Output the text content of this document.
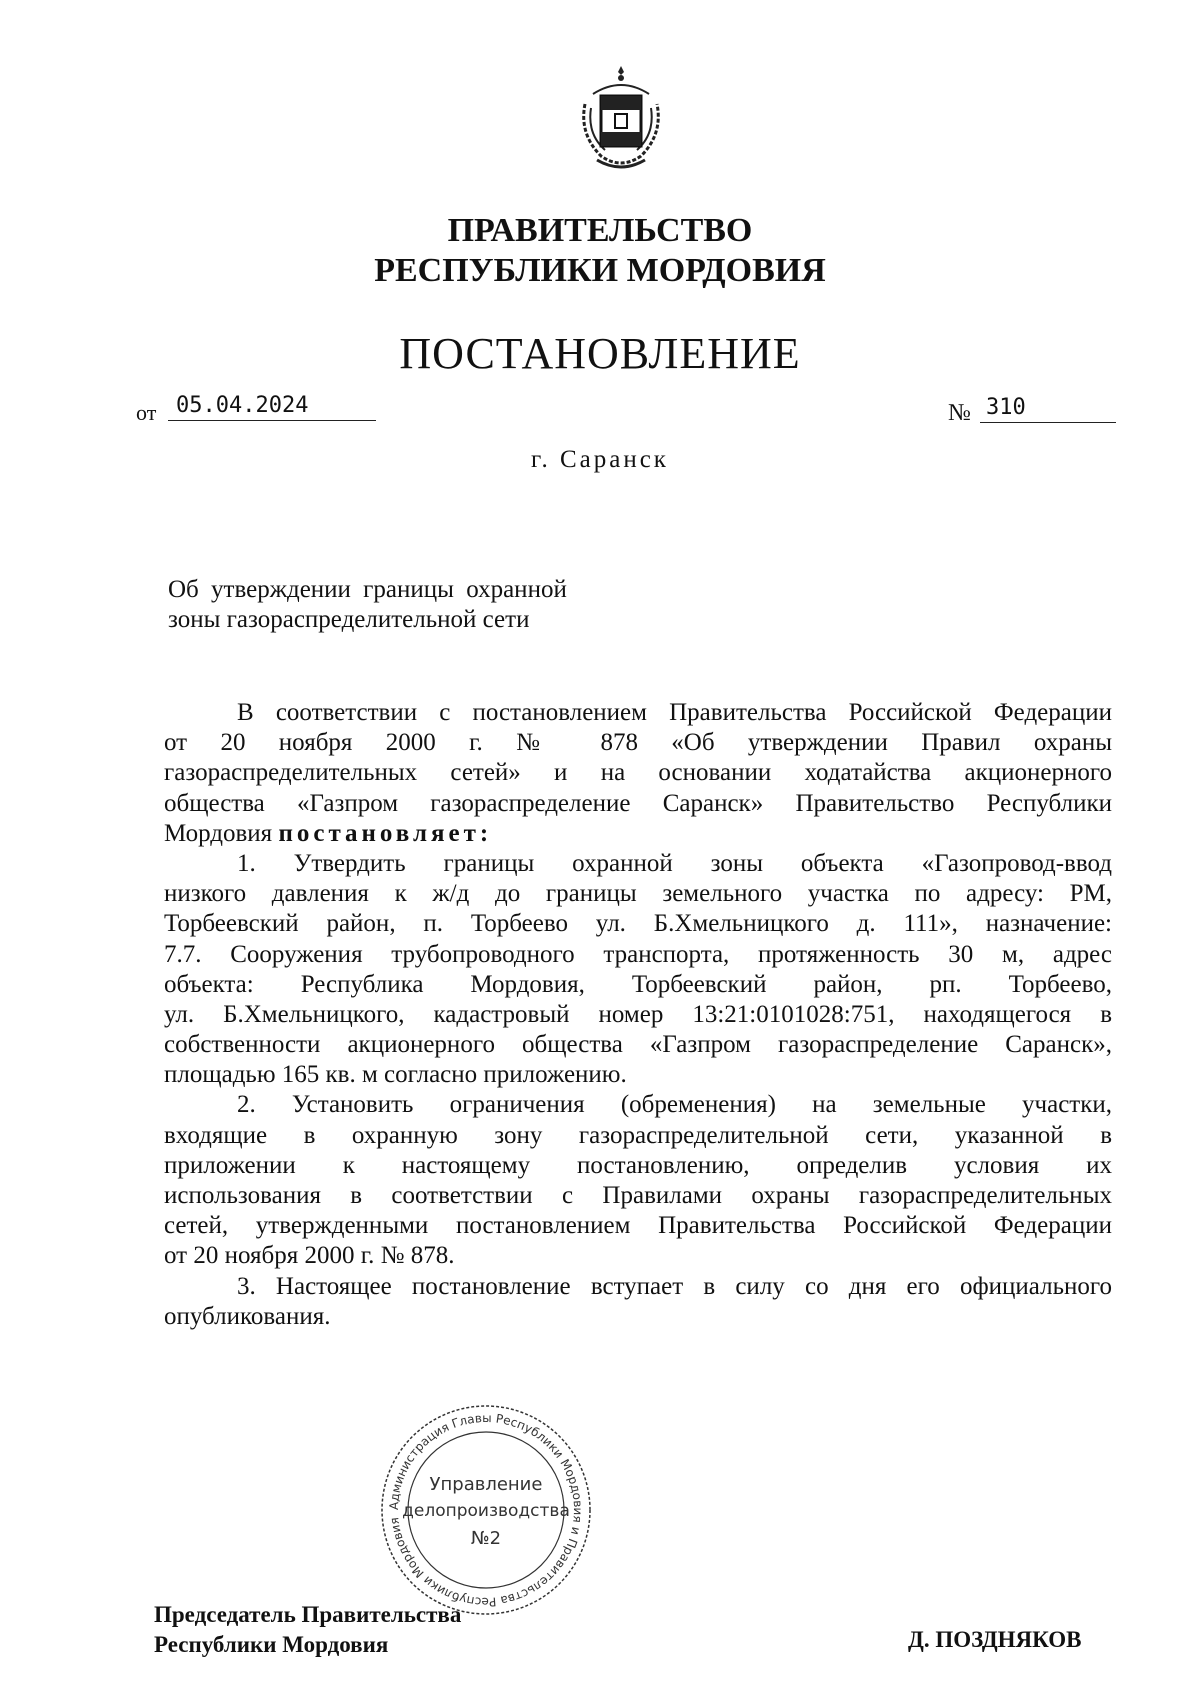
ПРАВИТЕЛЬСТВО
РЕСПУБЛИКИ МОРДОВИЯ
ПОСТАНОВЛЕНИЕ
от 05.04.2024	№ 310
г. Саранск
Об утверждении границы охранной
зоны газораспределительной сети
В соответствии с постановлением Правительства Российской Федерации
от 20 ноября 2000 г. № 878 «Об утверждении Правил охраны
газораспределительных сетей» и на основании ходатайства акционерного
общества «Газпром газораспределение Саранск» Правительство Республики
Мордовия постановляет:
1. Утвердить границы охранной зоны объекта «Газопровод-ввод
низкого давления к ж/д до границы земельного участка по адресу: РМ,
Торбеевский район, п. Торбеево ул. Б.Хмельницкого д. 111», назначение:
7.7. Сооружения трубопроводного транспорта, протяженность 30 м, адрес
объекта: Республика Мордовия, Торбеевский район, рп. Торбеево,
ул. Б.Хмельницкого, кадастровый номер 13:21:0101028:751, находящегося в
собственности акционерного общества «Газпром газораспределение Саранск»,
площадью 165 кв. м согласно приложению.
2. Установить ограничения (обременения) на земельные участки,
входящие в охранную зону газораспределительной сети, указанной в
приложении к настоящему постановлению, определив условия их
использования в соответствии с Правилами охраны газораспределительных
сетей, утвержденными постановлением Правительства Российской Федерации
от 20 ноября 2000 г. № 878.
3. Настоящее постановление вступает в силу со дня его официального
опубликования.
Председатель Правительства
Республики Мордовия	Д. ПОЗДНЯКОВ
Администрация Главы Республики Мордовия и Правительства Республики Мордовия
Управление
делопроизводства
№2
